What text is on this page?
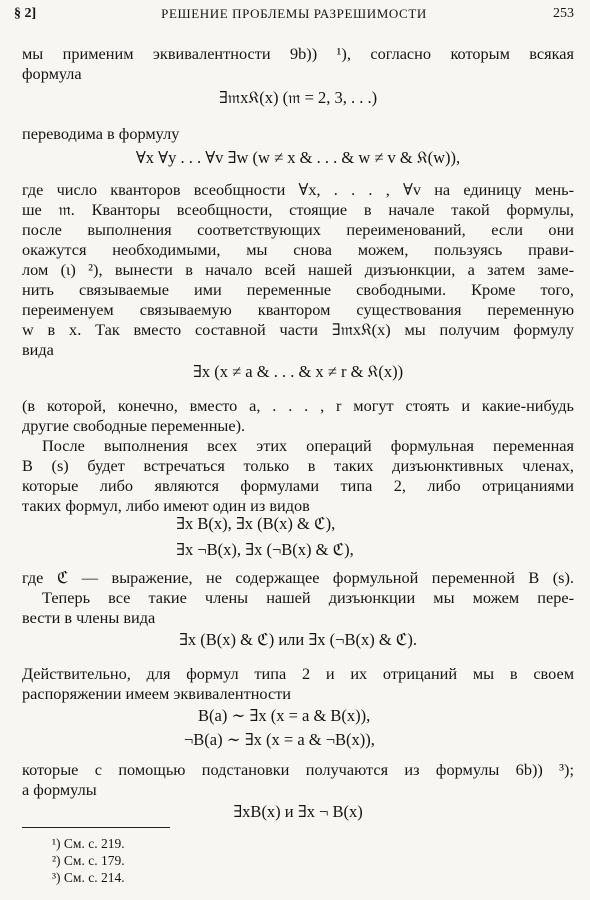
§ 2]	РЕШЕНИЕ ПРОБЛЕМЫ РАЗРЕШИМОСТИ	253
мы применим эквивалентности 9b)) ¹), согласно которым всякая
формула
∃𝔪x𝔎(x) (𝔪 = 2, 3, . . .)
переводима в формулу
∀x ∀y . . . ∀v ∃w (w ≠ x & . . . & w ≠ v & 𝔎(w)),
где число кванторов всеобщности ∀x, . . . , ∀v на единицу мень-
ше 𝔪. Кванторы всеобщности, стоящие в начале такой формулы,
после выполнения соответствующих переименований, если они
окажутся необходимыми, мы снова можем, пользуясь прави-
лом (ι) ²), вынести в начало всей нашей дизъюнкции, а затем заме-
нить связываемые ими переменные свободными. Кроме того,
переименуем связываемую квантором существования переменную
w в x. Так вместо составной части ∃𝔪x𝔎(x) мы получим формулу
вида
∃x (x ≠ a & . . . & x ≠ r & 𝔎(x))
(в которой, конечно, вместо a, . . . , r могут стоять и какие-нибудь
другие свободные переменные).
После выполнения всех этих операций формульная переменная
B (s) будет встречаться только в таких дизъюнктивных членах,
которые либо являются формулами типа 2, либо отрицаниями
таких формул, либо имеют один из видов
∃x B(x), ∃x (B(x) & ℭ),
∃x ¬B(x), ∃x (¬B(x) & ℭ),
где ℭ — выражение, не содержащее формульной переменной B (s).
Теперь все такие члены нашей дизъюнкции мы можем пере-
вести в члены вида
∃x (B(x) & ℭ) или ∃x (¬B(x) & ℭ).
Действительно, для формул типа 2 и их отрицаний мы в своем
распоряжении имеем эквивалентности
B(a) ∼ ∃x (x = a & B(x)),
¬B(a) ∼ ∃x (x = a & ¬B(x)),
которые с помощью подстановки получаются из формулы 6b)) ³);
а формулы
∃xB(x) и ∃x ¬ B(x)
¹) См. с. 219.
²) См. с. 179.
³) См. с. 214.
